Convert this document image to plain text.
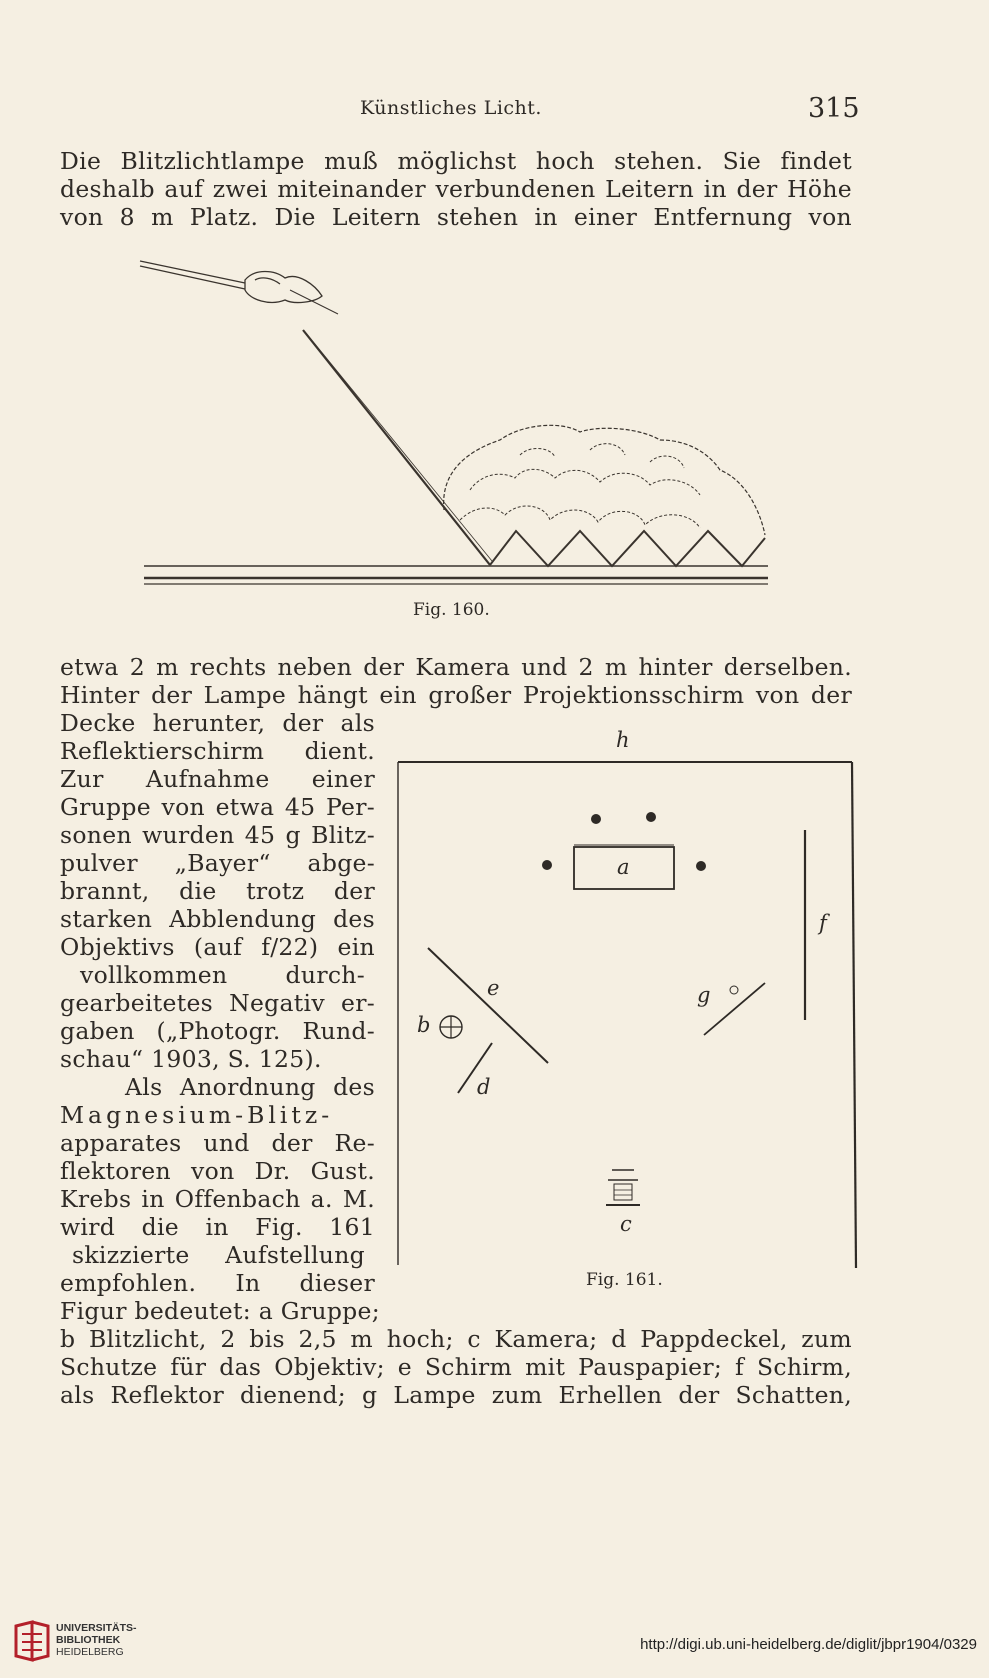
Künstliches Licht.	315
Die Blitzlichtlampe muß möglichst hoch stehen. Sie findet
deshalb auf zwei miteinander verbundenen Leitern in der Höhe
von 8 m Platz. Die Leitern stehen in einer Entfernung von
Fig. 160.
etwa 2 m rechts neben der Kamera und 2 m hinter derselben.
Hinter der Lampe hängt ein großer Projektionsschirm von der
Decke herunter, der als
Reflektierschirm dient.
Zur Aufnahme einer
Gruppe von etwa 45 Per-
sonen wurden 45 g Blitz-
pulver „Bayer“ abge-
brannt, die trotz der
starken Abblendung des
Objektivs (auf f/22) ein
vollkommen durch-
gearbeitetes Negativ er-
gaben („Photogr. Rund-
schau“ 1903, S. 125).
Als Anordnung des
Magnesium-Blitz-
apparates und der Re-
flektoren von Dr. Gust.
Krebs in Offenbach a. M.
wird die in Fig. 161
skizzierte Aufstellung
empfohlen. In dieser
Figur bedeutet: a Gruppe;
h
a
b
e
d
g
f
c
Fig. 161.
b Blitzlicht, 2 bis 2,5 m hoch; c Kamera; d Pappdeckel, zum
Schutze für das Objektiv; e Schirm mit Pauspapier; f Schirm,
als Reflektor dienend; g Lampe zum Erhellen der Schatten,
UNIVERSITÄTS-
BIBLIOTHEK
HEIDELBERG	http://digi.ub.uni-heidelberg.de/diglit/jbpr1904/0329
